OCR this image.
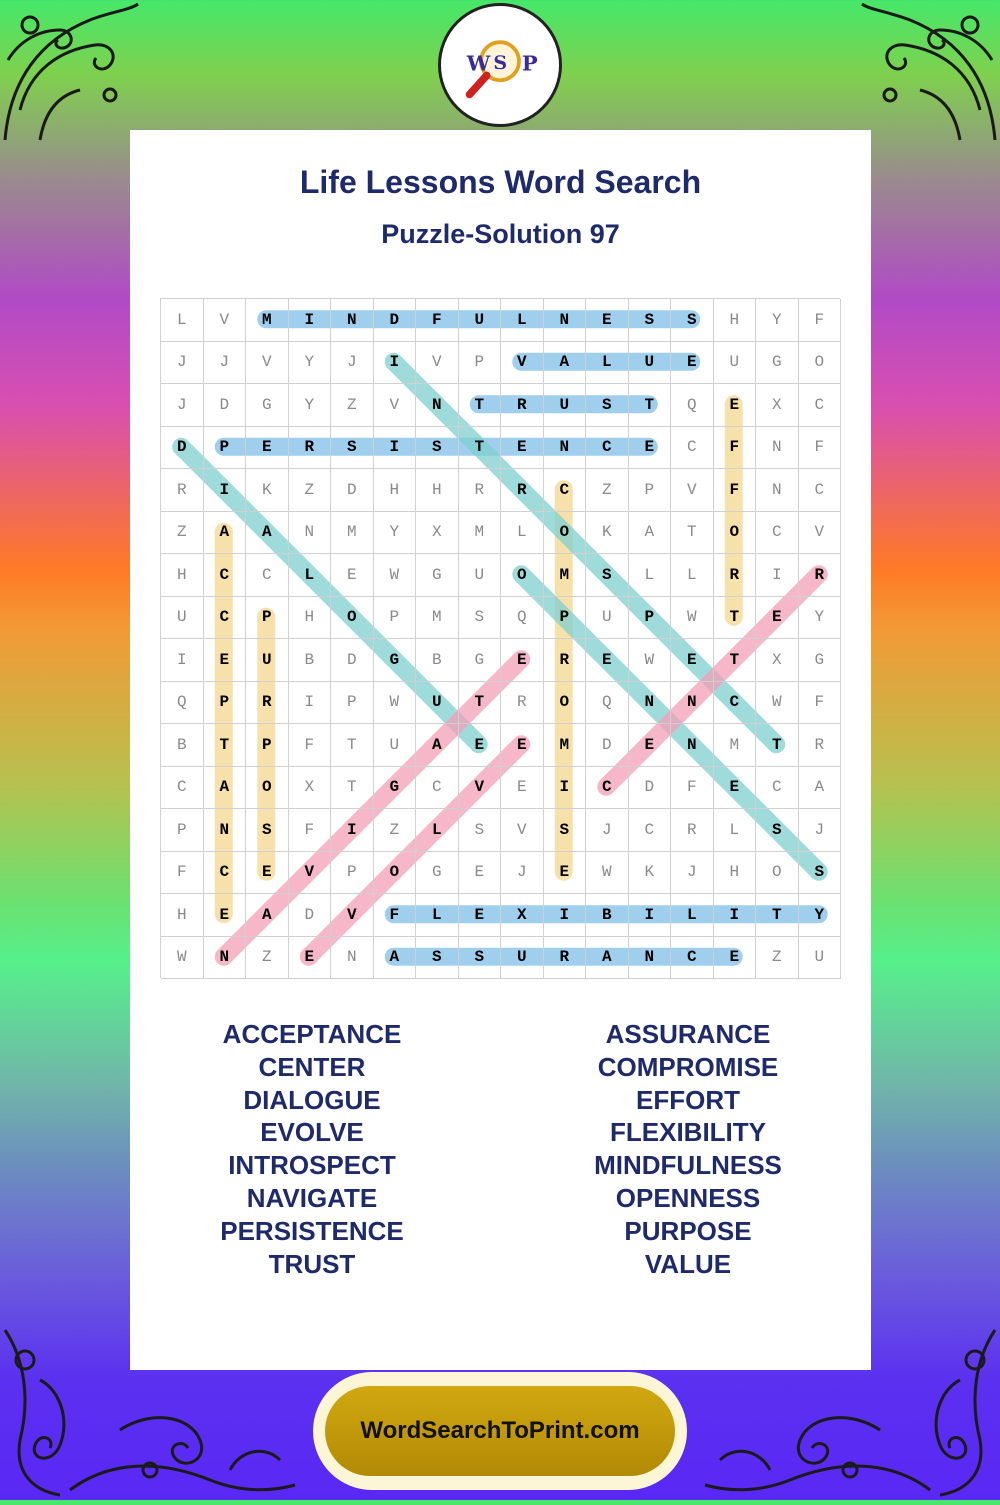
W S P
Life Lessons Word Search
Puzzle-Solution 97
L	V	M	I	N	D	F	U	L	N	E	S	S	H	Y	F
J	J	V	Y	J	I	V	P	V	A	L	U	E	U	G	O
J	D	G	Y	Z	V	N	T	R	U	S	T	Q	E	X	C
D	P	E	R	S	I	S	T	E	N	C	E	C	F	N	F
R	I	K	Z	D	H	H	R	R	C	Z	P	V	F	N	C
Z	A	A	N	M	Y	X	M	L	O	K	A	T	O	C	V
H	C	C	L	E	W	G	U	O	M	S	L	L	R	I	R
U	C	P	H	O	P	M	S	Q	P	U	P	W	T	E	Y
I	E	U	B	D	G	B	G	E	R	E	W	E	T	X	G
Q	P	R	I	P	W	U	T	R	O	Q	N	N	C	W	F
B	T	P	F	T	U	A	E	E	M	D	E	N	M	T	R
C	A	O	X	T	G	C	V	E	I	C	D	F	E	C	A
P	N	S	F	I	Z	L	S	V	S	J	C	R	L	S	J
F	C	E	V	P	O	G	E	J	E	W	K	J	H	O	S
H	E	A	D	V	F	L	E	X	I	B	I	L	I	T	Y
W	N	Z	E	N	A	S	S	U	R	A	N	C	E	Z	U
ACCEPTANCE
CENTER
DIALOGUE
EVOLVE
INTROSPECT
NAVIGATE
PERSISTENCE
TRUST
ASSURANCE
COMPROMISE
EFFORT
FLEXIBILITY
MINDFULNESS
OPENNESS
PURPOSE
VALUE
WordSearchToPrint.com
